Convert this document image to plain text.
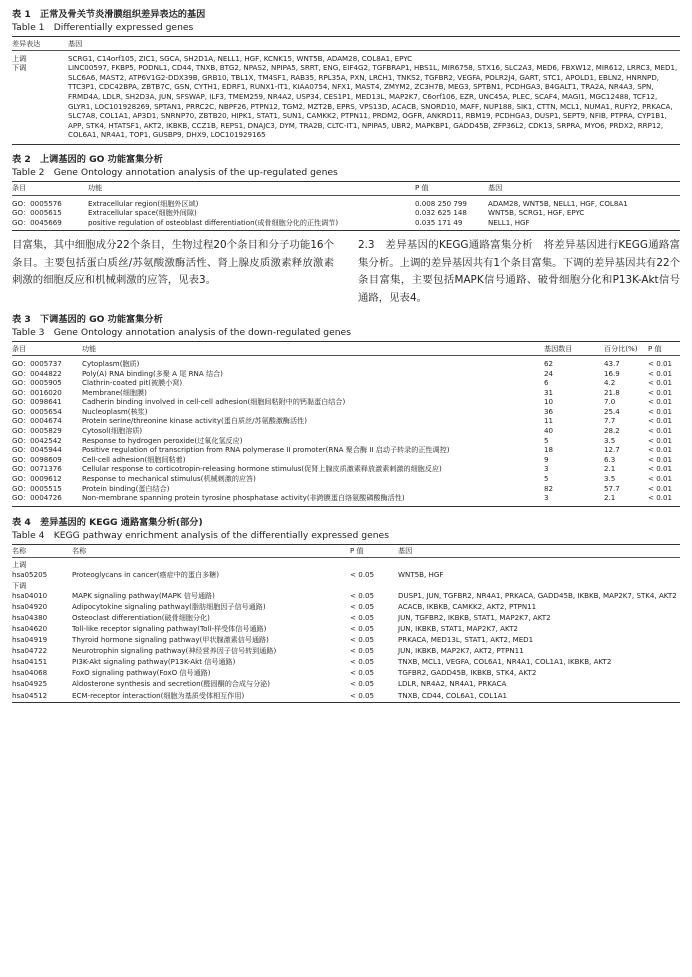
表 1　正常及骨关节炎滑膜组织差异表达的基因
Table 1　Differentially expressed genes
差异表达	基因

上调	SCRG1, C14orf105, ZIC1, SGCA, SH2D1A, NELL1, HGF, KCNK15, WNT5B, ADAM28, COL8A1, EPYC
下调	LINC00597, FKBP5, PODNL1, CD44, TNXB, BTG2, NPAS2, NPIPA5, SRRT, ENG, EIF4G2, TGFBRAP1, HBS1L, MIR6758, STX16, SLC2A3, MED6, FBXW12, MIR612, LRRC3, MED1, SLC6A6, MAST2, ATP6V1G2-DDX39B, GRB10, TBL1X, TM4SF1, RAB35, RPL35A, PXN, LRCH1, TNKS2, TGFBR2, VEGFA, POLR2J4, GART, STC1, APOLD1, EBLN2, HNRNPD, TTC3P1, CDC42BPA, ZBTB7C, GSN, CYTH1, EDRF1, RUNX1-IT1, KIAA0754, NFX1, MAST4, ZMYM2, ZC3H7B, MEG3, SPTBN1, PCDHGA3, B4GALT1, TRA2A, NR4A3, SPN, FRMD4A, LDLR, SH2D3A, JUN, SFSWAP, ILF3, TMEM259, NR4A2, USP34, CES1P1, MED13L, MAP2K7, C6orf106, EZR, UNC45A, PLEC, SCAF4, MAGI1, MGC12488, TCF12, GLYR1, LOC101928269, SPTAN1, PRRC2C, NBPF26, PTPN12, TGM2, MZT2B, EPRS, VPS13D, ACACB, SNORD10, MAFF, NUP188, SIK1, CTTN, MCL1, NUMA1, RUFY2, PRKACA, SLC7A8, COL1A1, AP3D1, SNRNP70, ZBTB20, HIPK1, STAT1, SUN1, CAMKK2, PTPN11, PRDM2, OGFR, ANKRD11, RBM19, PCDHGA3, DUSP1, SEPT9, NFIB, PTPRA, CYP1B1, APP, STK4, HTATSF1, AKT2, IKBKB, CCZ1B, REPS1, DNAJC3, DYM, TRA2B, CLTC-IT1, NPIPA5, UBR2, MAPKBP1, GADD45B, ZFP36L2, CDK13, SRPRA, MYO6, PRDX2, RRP12, COL6A1, NR4A1, TOP1, GUSBP9, DHX9, LOC101929165
表 2　上调基因的 GO 功能富集分析
Table 2　Gene Ontology annotation analysis of the up-regulated genes
条目	功能	P 值	基因

GO：0005576	Extracellular region(细胞外区域)	0.008 250 799	ADAM28, WNT5B, NELL1, HGF, COL8A1
GO：0005615	Extracellular space(细胞外间隙)	0.032 625 148	WNT5B, SCRG1, HGF, EPYC
GO：0045669	positive regulation of osteoblast differentiation(成骨细胞分化的正性调节)	0.035 171 49	NELL1, HGF
目富集，其中细胞成分22个条目，生物过程20个条目和分子功能16个条目。主要包括蛋白质丝/苏氨酸激酶活性、肾上腺皮质激素释放激素刺激的细胞反应和机械刺激的应答，见表3。
2.3　差异基因的KEGG通路富集分析　将差异基因进行KEGG通路富集分析。上调的差异基因共有1个条目富集。下调的差异基因共有22个条目富集，主要包括MAPK信号通路、破骨细胞分化和P13K-Akt信号通路，见表4。
表 3　下调基因的 GO 功能富集分析
Table 3　Gene Ontology annotation analysis of the down-regulated genes
条目	功能	基因数目	百分比(%)	P 值

GO：0005737	Cytoplasm(胞质)	62	43.7	< 0.01
GO：0044822	Poly(A) RNA binding(多聚 A 尾 RNA 结合)	24	16.9	< 0.01
GO：0005905	Clathrin-coated pit(被膜小窝)	6	4.2	< 0.01
GO：0016020	Membrane(细胞膜)	31	21.8	< 0.01
GO：0098641	Cadherin binding involved in cell-cell adhesion(细胞间粘附中的钙黏蛋白结合)	10	7.0	< 0.01
GO：0005654	Nucleoplasm(核浆)	36	25.4	< 0.01
GO：0004674	Protein serine/threonine kinase activity(蛋白质丝/苏氨酸激酶活性)	11	7.7	< 0.01
GO：0005829	Cytosol(细胞溶质)	40	28.2	< 0.01
GO：0042542	Response to hydrogen peroxide(过氧化氢反应)	5	3.5	< 0.01
GO：0045944	Positive regulation of transcription from RNA polymerase II promoter(RNA 聚合酶 II 启动子转录的正性调控)	18	12.7	< 0.01
GO：0098609	Cell-cell adhesion(细胞间粘着)	9	6.3	< 0.01
GO：0071376	Cellular response to corticotropin-releasing hormone stimulus(促肾上腺皮质激素释放激素刺激的细胞反应)	3	2.1	< 0.01
GO：0009612	Response to mechanical stimulus(机械刺激的应答)	5	3.5	< 0.01
GO：0005515	Protein binding(蛋白结合)	82	57.7	< 0.01
GO：0004726	Non-membrane spanning protein tyrosine phosphatase activity(非跨膜蛋白络氨酸磷酸酶活性)	3	2.1	< 0.01
表 4　差异基因的 KEGG 通路富集分析(部分)
Table 4　KEGG pathway enrichment analysis of the differentially expressed genes
名称	名称	P 值	基因

上调			
hsa05205	Proteoglycans in cancer(癌症中的蛋白多糖)	< 0.05	WNT5B, HGF
下调			
hsa04010	MAPK signaling pathway(MAPK 信号通路)	< 0.05	DUSP1, JUN, TGFBR2, NR4A1, PRKACA, GADD45B, IKBKB, MAP2K7, STK4, AKT2
hsa04920	Adipocytokine signaling pathway(脂肪细胞因子信号通路)	< 0.05	ACACB, IKBKB, CAMKK2, AKT2, PTPN11
hsa04380	Osteoclast differentiation(破骨细胞分化)	< 0.05	JUN, TGFBR2, IKBKB, STAT1, MAP2K7, AKT2
hsa04620	Toll-like receptor signaling pathway(Toll-样受体信号通路)	< 0.05	JUN, IKBKB, STAT1, MAP2K7, AKT2
hsa04919	Thyroid hormone signaling pathway(甲状腺激素信号通路)	< 0.05	PRKACA, MED13L, STAT1, AKT2, MED1
hsa04722	Neurotrophin signaling pathway(神经营养因子信号转到通路)	< 0.05	JUN, IKBKB, MAP2K7, AKT2, PTPN11
hsa04151	PI3K-Akt signaling pathway(P13K-Akt 信号通路)	< 0.05	TNXB, MCL1, VEGFA, COL6A1, NR4A1, COL1A1, IKBKB, AKT2
hsa04068	FoxO signaling pathway(FoxO 信号通路)	< 0.05	TGFBR2, GADD45B, IKBKB, STK4, AKT2
hsa04925	Aldosterone synthesis and secretion(醛固酮的合成与分泌)	< 0.05	LDLR, NR4A2, NR4A1, PRKACA
hsa04512	ECM-receptor interaction(细胞为基质受体相互作用)	< 0.05	TNXB, CD44, COL6A1, COL1A1
